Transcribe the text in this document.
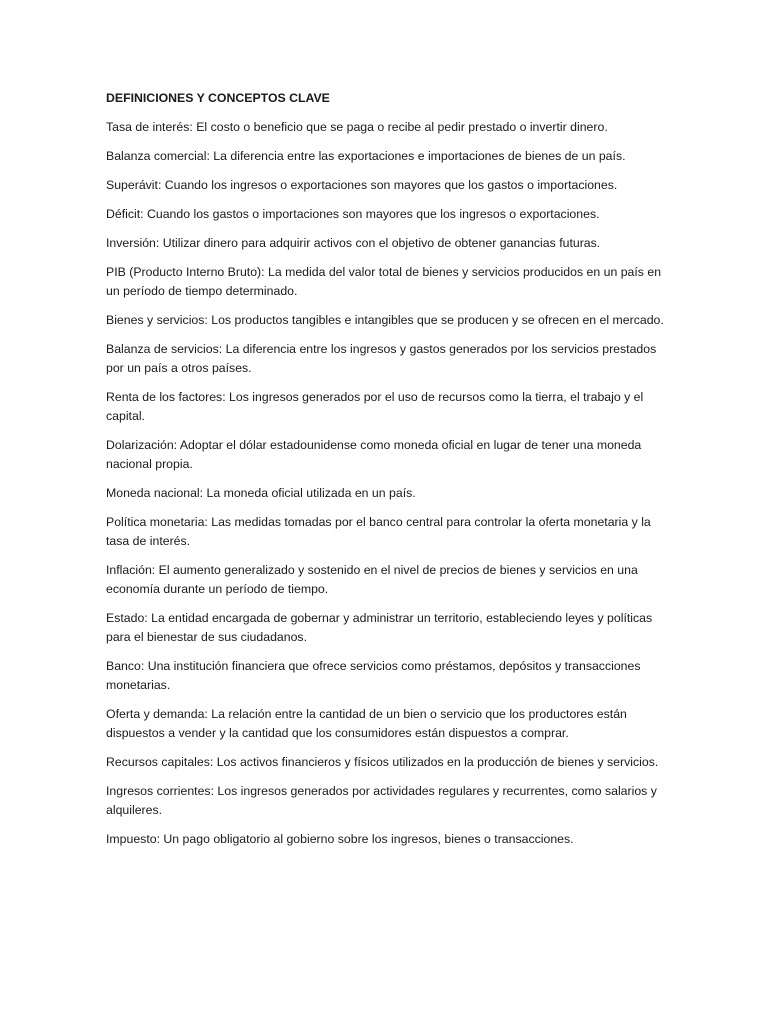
DEFINICIONES Y CONCEPTOS CLAVE
Tasa de interés: El costo o beneficio que se paga o recibe al pedir prestado o invertir dinero.
Balanza comercial: La diferencia entre las exportaciones e importaciones de bienes de un país.
Superávit: Cuando los ingresos o exportaciones son mayores que los gastos o importaciones.
Déficit: Cuando los gastos o importaciones son mayores que los ingresos o exportaciones.
Inversión: Utilizar dinero para adquirir activos con el objetivo de obtener ganancias futuras.
PIB (Producto Interno Bruto): La medida del valor total de bienes y servicios producidos en un país en un período de tiempo determinado.
Bienes y servicios: Los productos tangibles e intangibles que se producen y se ofrecen en el mercado.
Balanza de servicios: La diferencia entre los ingresos y gastos generados por los servicios prestados por un país a otros países.
Renta de los factores: Los ingresos generados por el uso de recursos como la tierra, el trabajo y el capital.
Dolarización: Adoptar el dólar estadounidense como moneda oficial en lugar de tener una moneda nacional propia.
Moneda nacional: La moneda oficial utilizada en un país.
Política monetaria: Las medidas tomadas por el banco central para controlar la oferta monetaria y la tasa de interés.
Inflación: El aumento generalizado y sostenido en el nivel de precios de bienes y servicios en una economía durante un período de tiempo.
Estado: La entidad encargada de gobernar y administrar un territorio, estableciendo leyes y políticas para el bienestar de sus ciudadanos.
Banco: Una institución financiera que ofrece servicios como préstamos, depósitos y transacciones monetarias.
Oferta y demanda: La relación entre la cantidad de un bien o servicio que los productores están dispuestos a vender y la cantidad que los consumidores están dispuestos a comprar.
Recursos capitales: Los activos financieros y físicos utilizados en la producción de bienes y servicios.
Ingresos corrientes: Los ingresos generados por actividades regulares y recurrentes, como salarios y alquileres.
Impuesto: Un pago obligatorio al gobierno sobre los ingresos, bienes o transacciones.
